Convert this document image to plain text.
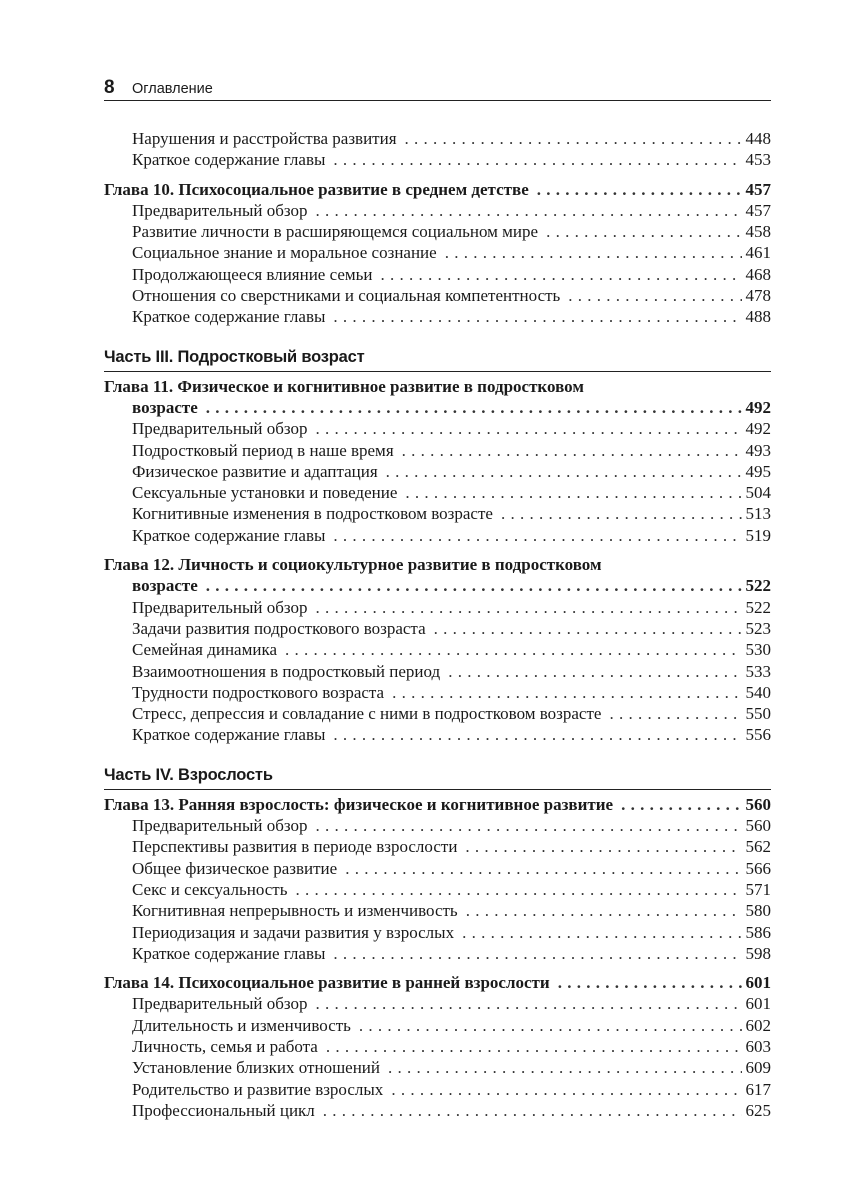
8 Оглавление
Нарушения и расстройства развития . . .	448
Краткое содержание главы . . .	453
Глава 10. Психосоциальное развитие в среднем детстве . . .	457
Предварительный обзор . . .	457
Развитие личности в расширяющемся социальном мире . . .	458
Социальное знание и моральное сознание . . .	461
Продолжающееся влияние семьи . . .	468
Отношения со сверстниками и социальная компетентность . . .	478
Краткое содержание главы . . .	488
Часть III. Подростковый возраст
Глава 11. Физическое и когнитивное развитие в подростковом
возрасте . . .	492
Предварительный обзор . . .	492
Подростковый период в наше время . . .	493
Физическое развитие и адаптация . . .	495
Сексуальные установки и поведение . . .	504
Когнитивные изменения в подростковом возрасте . . .	513
Краткое содержание главы . . .	519
Глава 12. Личность и социокультурное развитие в подростковом
возрасте . . .	522
Предварительный обзор . . .	522
Задачи развития подросткового возраста . . .	523
Семейная динамика . . .	530
Взаимоотношения в подростковый период . . .	533
Трудности подросткового возраста . . .	540
Стресс, депрессия и совладание с ними в подростковом возрасте . . .	550
Краткое содержание главы . . .	556
Часть IV. Взрослость
Глава 13. Ранняя взрослость: физическое и когнитивное развитие . . .	560
Предварительный обзор . . .	560
Перспективы развития в периоде взрослости . . .	562
Общее физическое развитие . . .	566
Секс и сексуальность . . .	571
Когнитивная непрерывность и изменчивость . . .	580
Периодизация и задачи развития у взрослых . . .	586
Краткое содержание главы . . .	598
Глава 14. Психосоциальное развитие в ранней взрослости . . .	601
Предварительный обзор . . .	601
Длительность и изменчивость . . .	602
Личность, семья и работа . . .	603
Установление близких отношений . . .	609
Родительство и развитие взрослых . . .	617
Профессиональный цикл . . .	625
